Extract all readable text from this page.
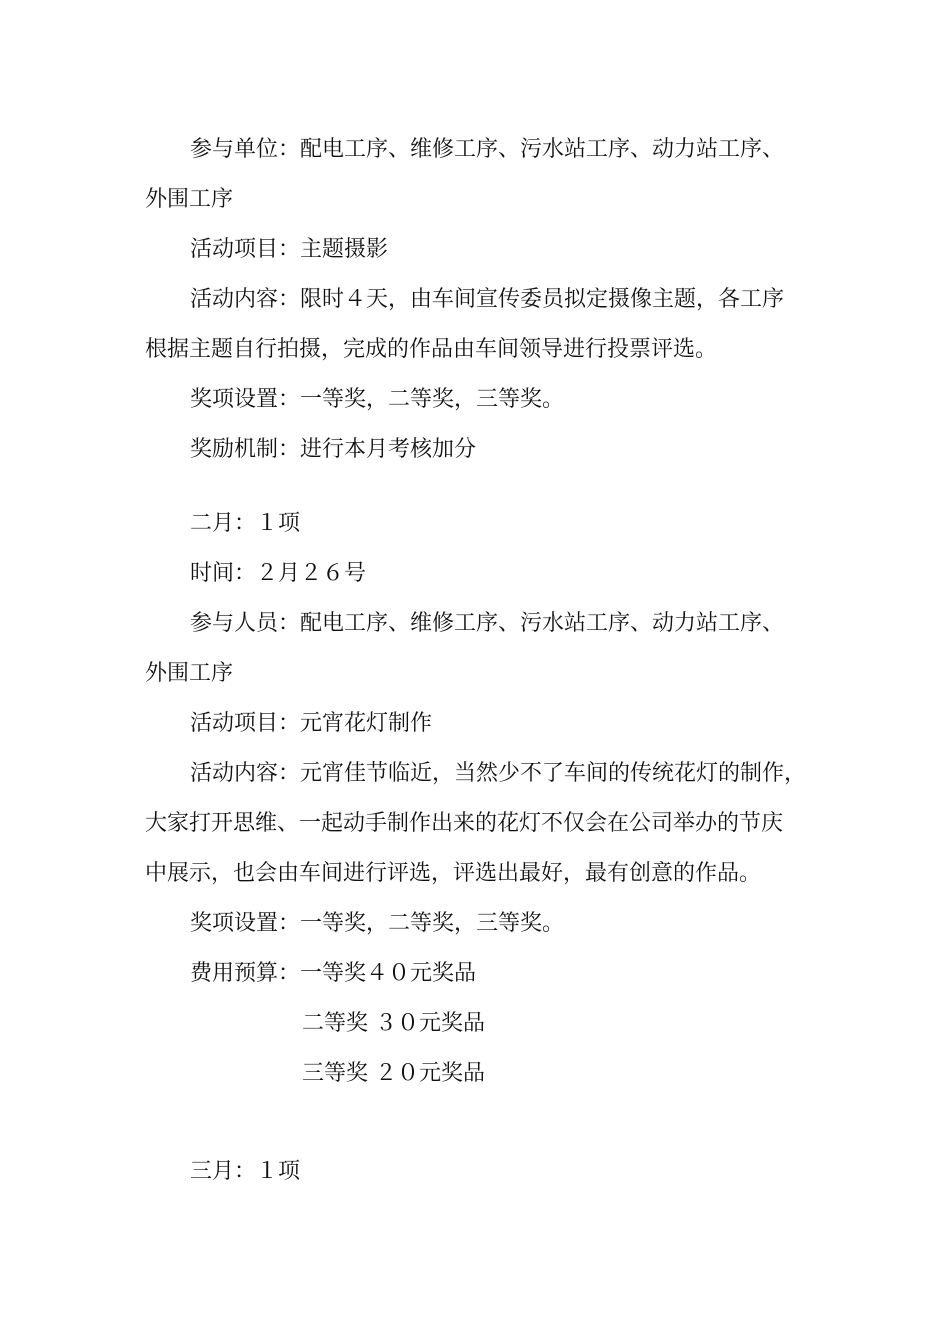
参与单位：配电工序、维修工序、污水站工序、动力站工序、
外围工序
活动项目：主题摄影
活动内容：限时４天，由车间宣传委员拟定摄像主题，各工序
根据主题自行拍摄，完成的作品由车间领导进行投票评选。
奖项设置：一等奖，二等奖，三等奖。
奖励机制：进行本月考核加分
二月：１项
时间：２月２６号
参与人员：配电工序、维修工序、污水站工序、动力站工序、
外围工序
活动项目：元宵花灯制作
活动内容：元宵佳节临近，当然少不了车间的传统花灯的制作，
大家打开思维、一起动手制作出来的花灯不仅会在公司举办的节庆
中展示，也会由车间进行评选，评选出最好，最有创意的作品。
奖项设置：一等奖，二等奖，三等奖。
费用预算：一等奖４０元奖品
二等奖 ３０元奖品
三等奖 ２０元奖品
三月：１项
